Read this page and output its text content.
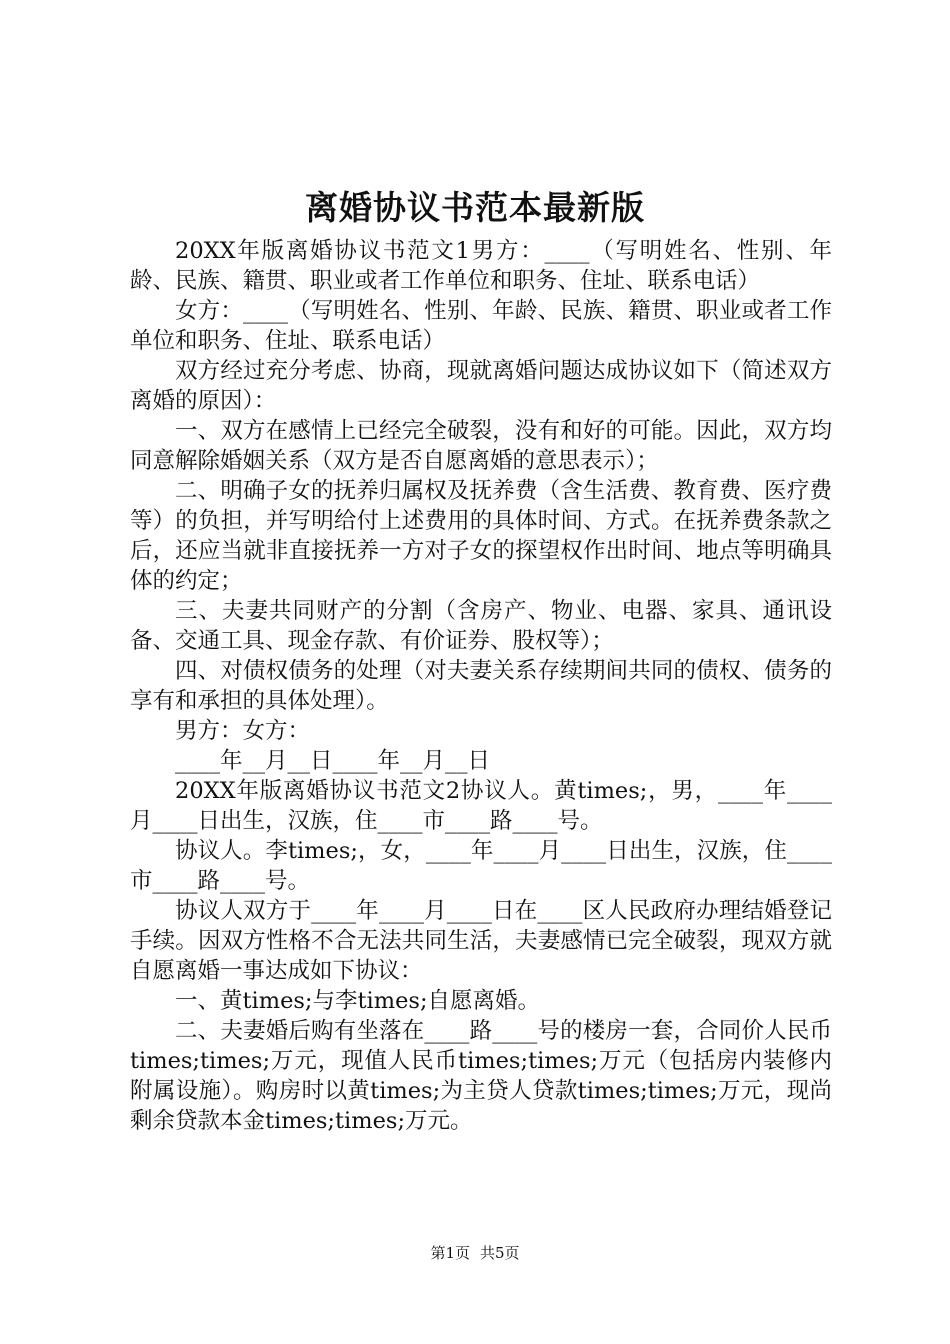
离婚协议书范本最新版

20XX年版离婚协议书范文1男方：____（写明姓名、性别、年龄、民族、籍贯、职业或者工作单位和职务、住址、联系电话）

女方：____（写明姓名、性别、年龄、民族、籍贯、职业或者工作单位和职务、住址、联系电话）

双方经过充分考虑、协商，现就离婚问题达成协议如下（简述双方离婚的原因）：

一、双方在感情上已经完全破裂，没有和好的可能。因此，双方均同意解除婚姻关系（双方是否自愿离婚的意思表示）；

二、明确子女的抚养归属权及抚养费（含生活费、教育费、医疗费等）的负担，并写明给付上述费用的具体时间、方式。在抚养费条款之后，还应当就非直接抚养一方对子女的探望权作出时间、地点等明确具体的约定；

三、夫妻共同财产的分割（含房产、物业、电器、家具、通讯设备、交通工具、现金存款、有价证券、股权等）；

四、对债权债务的处理（对夫妻关系存续期间共同的债权、债务的享有和承担的具体处理）。

男方：女方：

____年__月__日____年__月__日

20XX年版离婚协议书范文2协议人。黄times;，男，____年____月____日出生，汉族，住____市____路____号。

协议人。李times;，女，____年____月____日出生，汉族，住____市____路____号。

协议人双方于____年____月____日在____区人民政府办理结婚登记手续。因双方性格不合无法共同生活，夫妻感情已完全破裂，现双方就自愿离婚一事达成如下协议：

一、黄times;与李times;自愿离婚。

二、夫妻婚后购有坐落在____路____号的楼房一套，合同价人民币times;times;万元，现值人民币times;times;万元（包括房内装修内附属设施）。购房时以黄times;为主贷人贷款times;times;万元，现尚剩余贷款本金times;times;万元。

第1页 共5页
